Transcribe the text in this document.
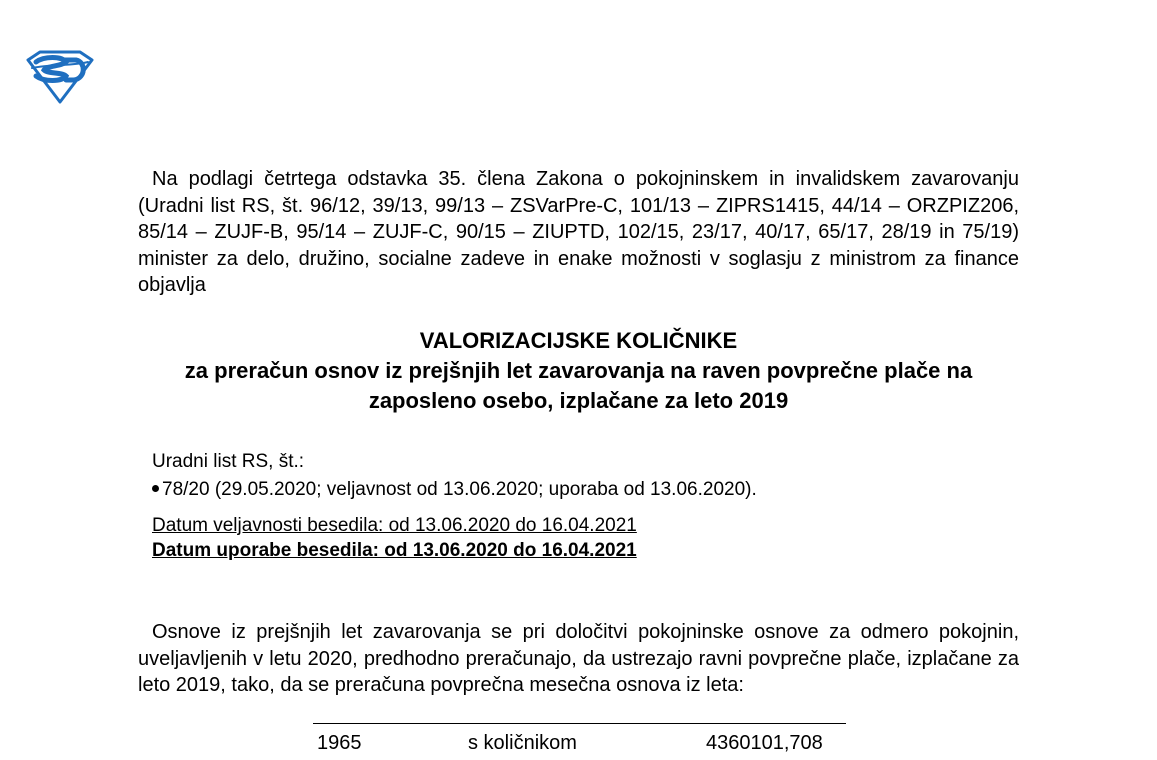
Na podlagi četrtega odstavka 35. člena Zakona o pokojninskem in invalidskem zavarovanju (Uradni list RS, št. 96/12, 39/13, 99/13 – ZSVarPre-C, 101/13 – ZIPRS1415, 44/14 – ORZPIZ206, 85/14 – ZUJF-B, 95/14 – ZUJF-C, 90/15 – ZIUPTD, 102/15, 23/17, 40/17, 65/17, 28/19 in 75/19) minister za delo, družino, socialne zadeve in enake možnosti v soglasju z ministrom za finance objavlja

VALORIZACIJSKE KOLIČNIKE
za preračun osnov iz prejšnjih let zavarovanja na raven povprečne plače na zaposleno osebo, izplačane za leto 2019
Uradni list RS, št.:
78/20 (29.05.2020; veljavnost od 13.06.2020; uporaba od 13.06.2020).
Datum veljavnosti besedila: od 13.06.2020 do 16.04.2021
Datum uporabe besedila: od 13.06.2020 do 16.04.2021

Osnove iz prejšnjih let zavarovanja se pri določitvi pokojninske osnove za odmero pokojnin, uveljavljenih v letu 2020, predhodno preračunajo, da ustrezajo ravni povprečne plače, izplačane za leto 2019, tako, da se preračuna povprečna mesečna osnova iz leta:

1965	s količnikom	4360101,708
